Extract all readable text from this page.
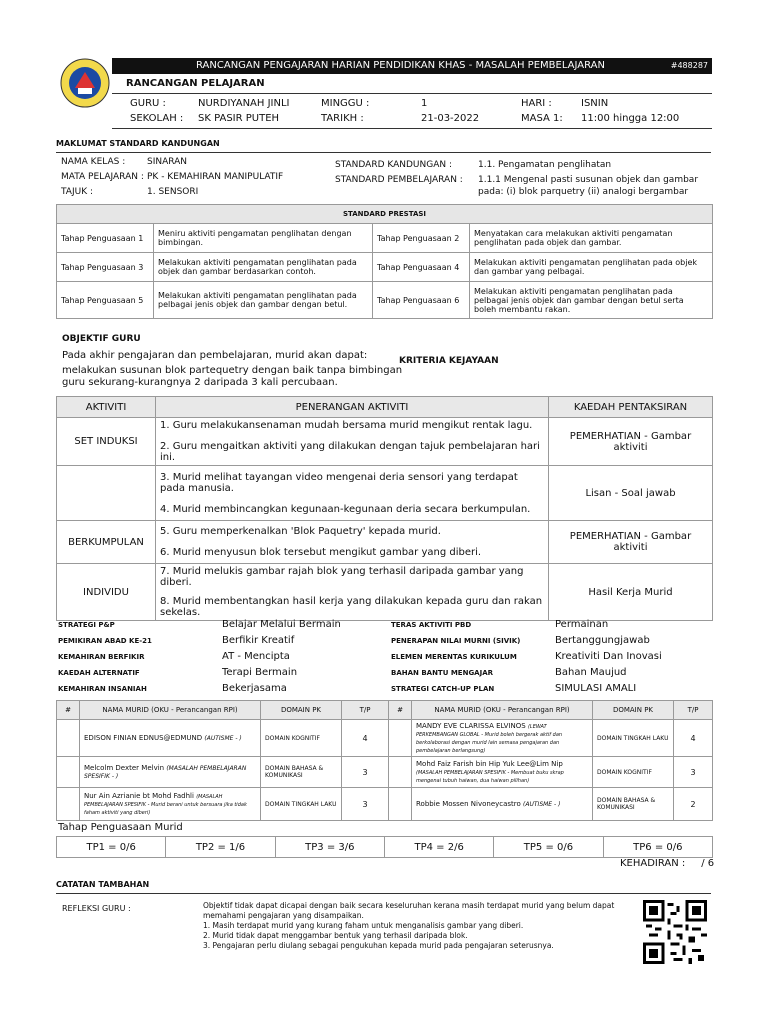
RANCANGAN PENGAJARAN HARIAN PENDIDIKAN KHAS - MASALAH PEMBELAJARAN	#488287
RANCANGAN PELAJARAN
GURU :	NURDIYANAH JINLI
SEKOLAH : SK PASIR PUTEH
MINGGU :	1
TARIKH :	21-03-2022
HARI :	ISNIN
MASA 1: 11:00 hingga 12:00
MAKLUMAT STANDARD KANDUNGAN
NAMA KELAS : SINARAN
MATA PELAJARAN : PK - KEMAHIRAN MANIPULATIF
TAJUK :	1. SENSORI
STANDARD KANDUNGAN :	1.1. Pengamatan penglihatan
STANDARD PEMBELAJARAN : 1.1.1 Mengenal pasti susunan objek dan gambar
pada: (i) blok parquetry (ii) analogi bergambar
STANDARD PRESTASI			
Tahap Penguasaan 1	Meniru aktiviti pengamatan penglihatan dengan bimbingan.	Tahap Penguasaan 2	Menyatakan cara melakukan aktiviti pengamatan penglihatan pada objek dan gambar.
Tahap Penguasaan 3	Melakukan aktiviti pengamatan penglihatan pada objek dan gambar berdasarkan contoh.	Tahap Penguasaan 4	Melakukan aktiviti pengamatan penglihatan pada objek dan gambar yang pelbagai.
Tahap Penguasaan 5	Melakukan aktiviti pengamatan penglihatan pada pelbagai jenis objek dan gambar dengan betul.	Tahap Penguasaan 6	Melakukan aktiviti pengamatan penglihatan pada pelbagai jenis objek dan gambar dengan betul serta boleh membantu rakan.
OBJEKTIF GURU
Pada akhir pengajaran dan pembelajaran, murid akan dapat:
melakukan susunan blok partequetry dengan baik tanpa bimbingan
guru sekurang-kurangnya 2 daripada 3 kali percubaan.
KRITERIA KEJAYAAN
AKTIVITI	PENERANGAN AKTIVITI	KAEDAH PENTAKSIRAN
SET INDUKSI	1. Guru melakukansenaman mudah bersama murid mengikut rentak lagu.
2. Guru mengaitkan aktiviti yang dilakukan dengan tajuk pembelajaran hari ini.	PEMERHATIAN - Gambar aktiviti

	3. Murid melihat tayangan video mengenai deria sensori yang terdapat pada manusia.
4. Murid membincangkan kegunaan-kegunaan deria secara berkumpulan.	Lisan - Soal jawab
BERKUMPULAN	5. Guru memperkenalkan 'Blok Paquetry' kepada murid.
6. Murid menyusun blok tersebut mengikut gambar yang diberi.	PEMERHATIAN - Gambar aktiviti
INDIVIDU	7. Murid melukis gambar rajah blok yang terhasil daripada gambar yang diberi.
8. Murid membentangkan hasil kerja yang dilakukan kepada guru dan rakan sekelas.	Hasil Kerja Murid
STRATEGI P&P	Belajar Melalui Bermain	TERAS AKTIVITI PBD	Permainan
PEMIKIRAN ABAD KE-21	Berfikir Kreatif	PENERAPAN NILAI MURNI (SIVIK)	Bertanggungjawab
KEMAHIRAN BERFIKIR	AT - Mencipta	ELEMEN MERENTAS KURIKULUM	Kreativiti Dan Inovasi
KAEDAH ALTERNATIF	Terapi Bermain	BAHAN BANTU MENGAJAR	Bahan Maujud
KEMAHIRAN INSANIAH	Bekerjasama	STRATEGI CATCH-UP PLAN	SIMULASI AMALI
#	NAMA MURID (OKU - Perancangan RPI)	DOMAIN PK	T/P	#	NAMA MURID (OKU - Perancangan RPI)	DOMAIN PK	T/P
	EDISON FINIAN EDNUS@EDMUND (AUTISME - )	DOMAIN KOGNITIF	4		MANDY EVE CLARISSA ELVINOS (LEWAT PERKEMBANGAN GLOBAL - Murid boleh bergerak aktif dan berkolaborasi dengan murid lain semasa pengajaran dan pembelajaran berlangsung)	DOMAIN TINGKAH LAKU	4
	Melcolm Dexter Melvin (MASALAH PEMBELAJARAN SPESIFIK - )	DOMAIN BAHASA & KOMUNIKASI	3		Mohd Faiz Farish bin Hip Yuk Lee@Lim Nip (MASALAH PEMBELAJARAN SPESIFIK - Membuat buku skrap mengenai tubuh haiwan, dua haiwan pilihan)	DOMAIN KOGNITIF	3
	Nur Ain Azrianie bt Mohd Fadhli (MASALAH PEMBELAJARAN SPESIFIK - Murid berani untuk bersuara jika tidak faham aktiviti yang diberi)	DOMAIN TINGKAH LAKU	3		Robbie Mossen Nivoneycastro (AUTISME - )	DOMAIN BAHASA & KOMUNIKASI	2
Tahap Penguasaan Murid
TP1 = 0/6	TP2 = 1/6	TP3 = 3/6	TP4 = 2/6	TP5 = 0/6	TP6 = 0/6
KEHADIRAN :     / 6
CATATAN TAMBAHAN
REFLEKSI GURU :	Objektif tidak dapat dicapai dengan baik secara keseluruhan kerana masih terdapat murid yang belum dapat
memahami pengajaran yang disampaikan.
1. Masih terdapat murid yang kurang faham untuk menganalisis gambar yang diberi.
2. Murid tidak dapat menggambar bentuk yang terhasil daripada blok.
3. Pengajaran perlu diulang sebagai pengukuhan kepada murid pada pengajaran seterusnya.
